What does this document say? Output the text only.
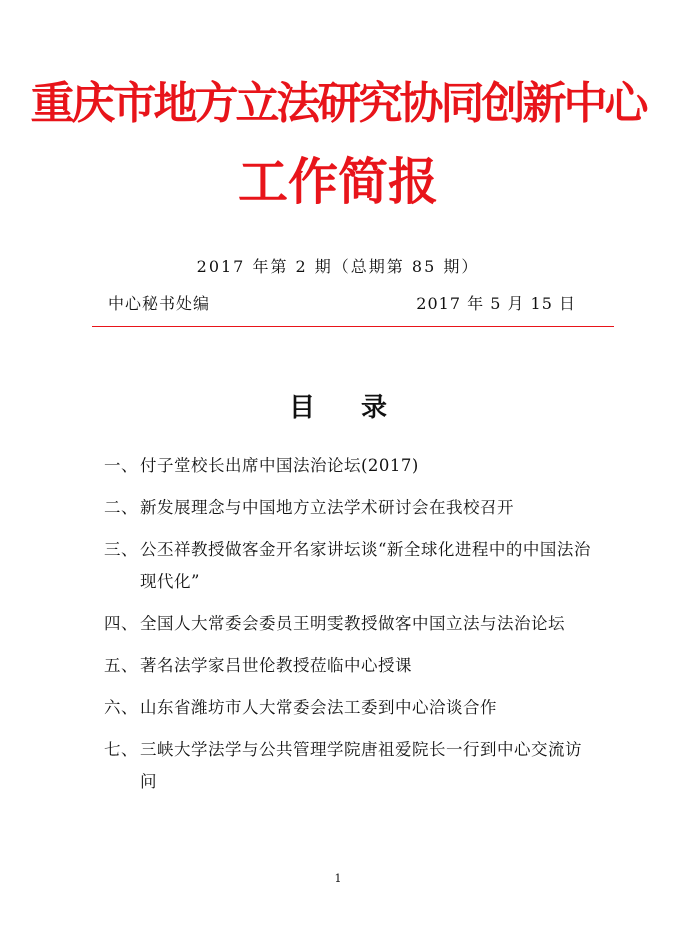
重庆市地方立法研究协同创新中心
工作简报
2017 年第 2 期（总期第 85 期）
中心秘书处编	2017 年 5 月 15 日
目录
一、 付子堂校长出席中国法治论坛(2017)
二、 新发展理念与中国地方立法学术研讨会在我校召开
三、 公丕祥教授做客金开名家讲坛谈“新全球化进程中的中国法治现代化”
四、 全国人大常委会委员王明雯教授做客中国立法与法治论坛
五、 著名法学家吕世伦教授莅临中心授课
六、 山东省潍坊市人大常委会法工委到中心洽谈合作
七、 三峡大学法学与公共管理学院唐祖爱院长一行到中心交流访问
1
